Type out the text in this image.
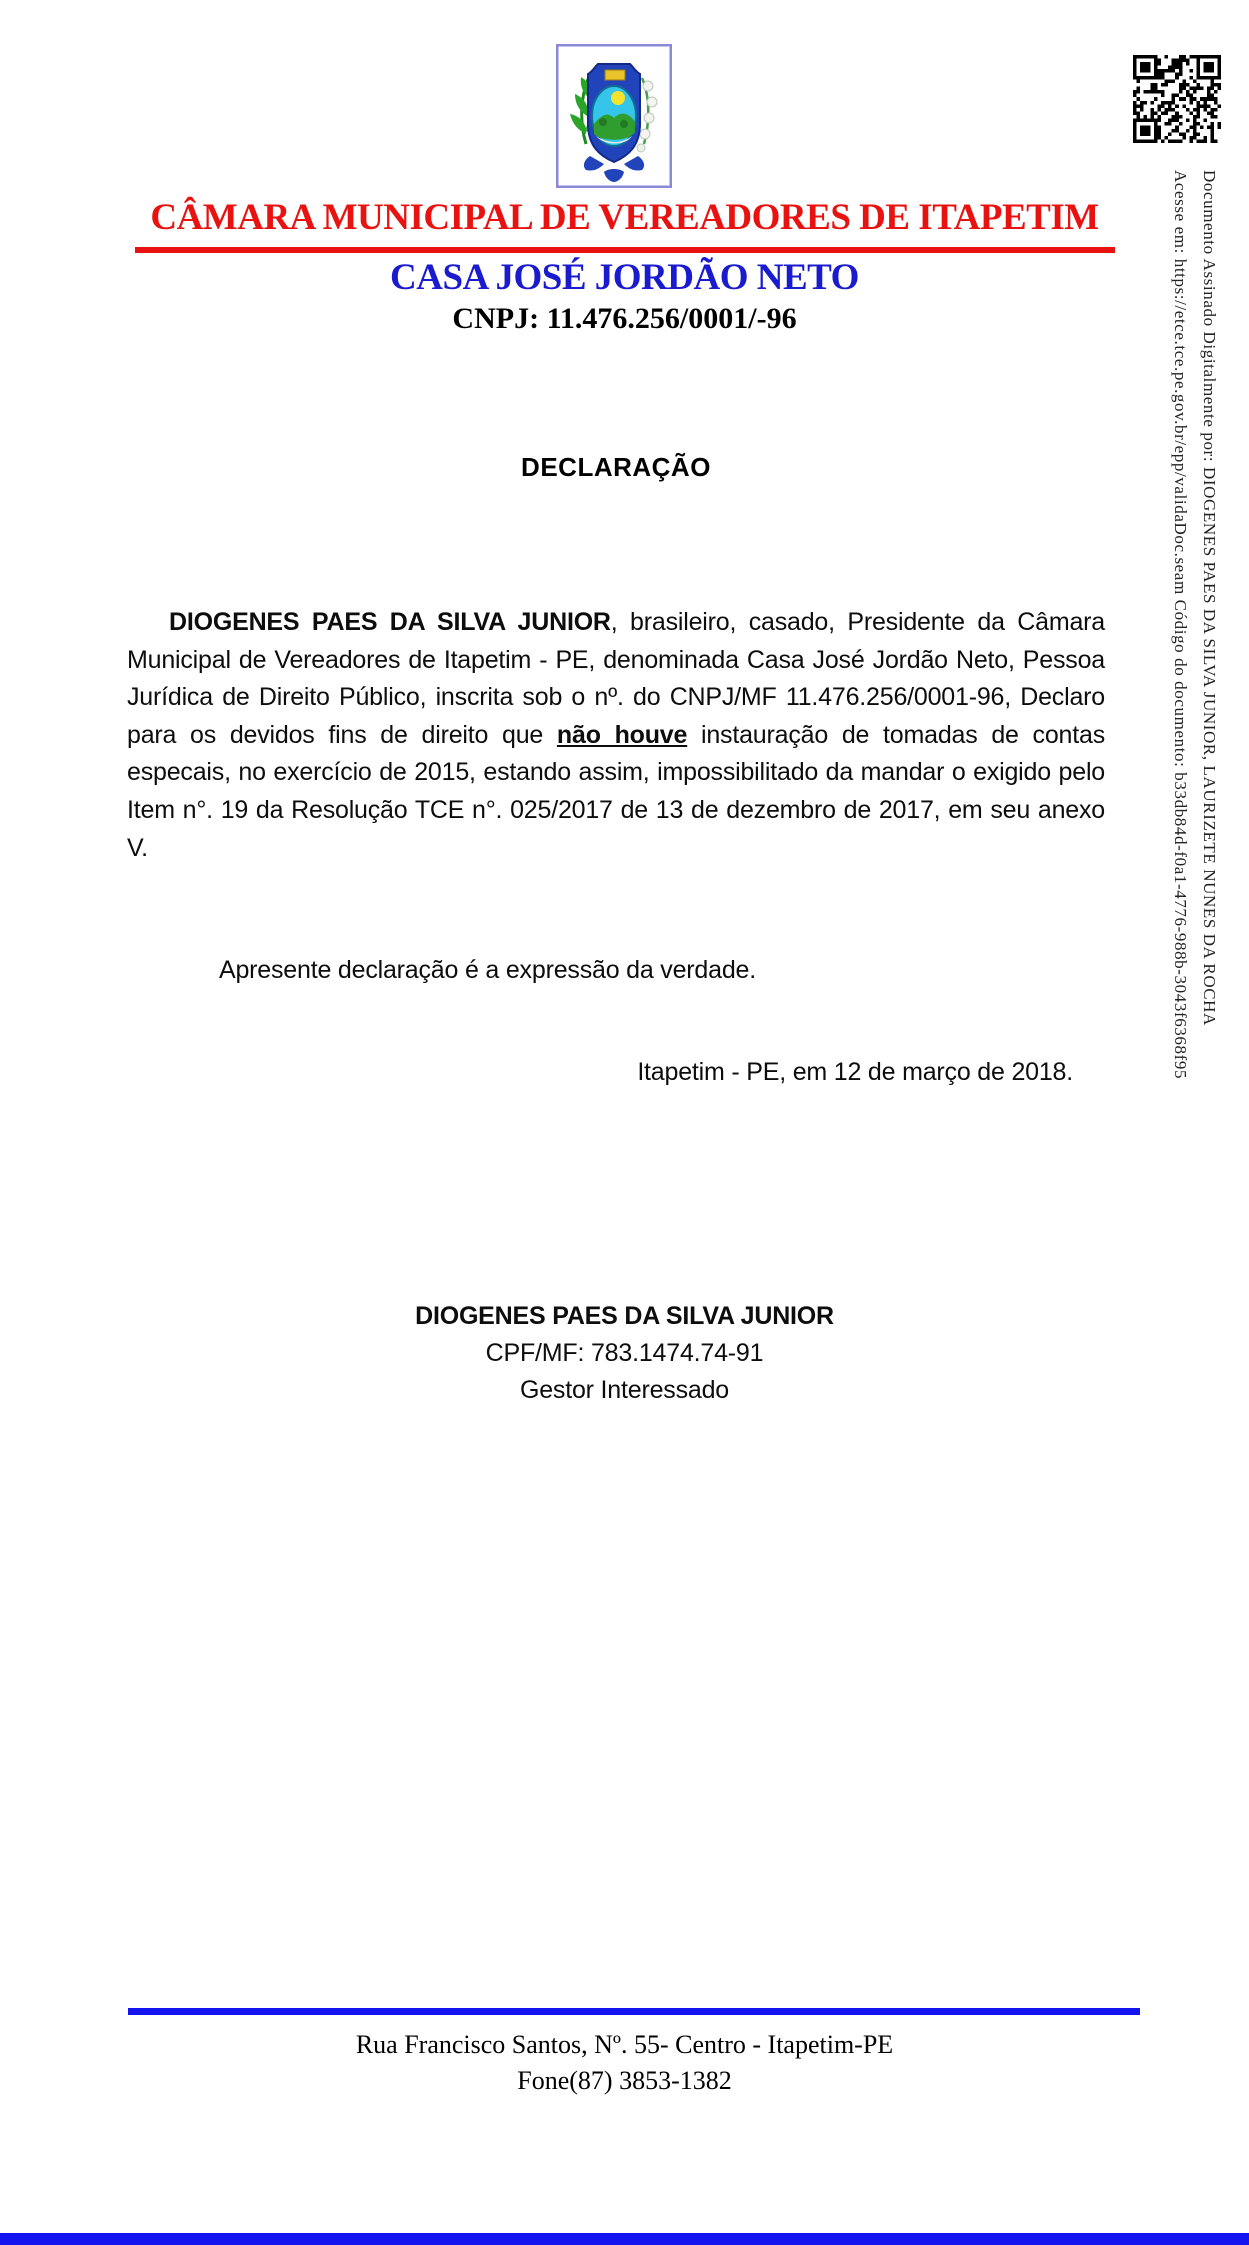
CÂMARA MUNICIPAL DE VEREADORES DE ITAPETIM
CASA JOSÉ JORDÃO NETO
CNPJ: 11.476.256/0001/-96
DECLARAÇÃO

DIOGENES PAES DA SILVA JUNIOR, brasileiro, casado, Presidente da Câmara Municipal de Vereadores de Itapetim - PE, denominada Casa José Jordão Neto, Pessoa Jurídica de Direito Público, inscrita sob o nº. do CNPJ/MF 11.476.256/0001-96, Declaro para os devidos fins de direito que não houve instauração de tomadas de contas especais, no exercício de 2015, estando assim, impossibilitado da mandar o exigido pelo Item n°. 19 da Resolução TCE n°. 025/2017 de 13 de dezembro de 2017, em seu anexo V.

Apresente declaração é a expressão da verdade.

Itapetim - PE, em 12 de março de 2018.

DIOGENES PAES DA SILVA JUNIOR
CPF/MF: 783.1474.74-91
Gestor Interessado
Rua Francisco Santos, Nº. 55- Centro - Itapetim-PE
Fone(87) 3853-1382
Documento Assinado Digitalmente por: DIOGENES PAES DA SILVA JUNIOR, LAURIZETE NUNES DA ROCHA
Acesse em: https://etce.tce.pe.gov.br/epp/validaDoc.seam Código do documento: b33db84d-f0a1-4776-988b-3043f6368f95
